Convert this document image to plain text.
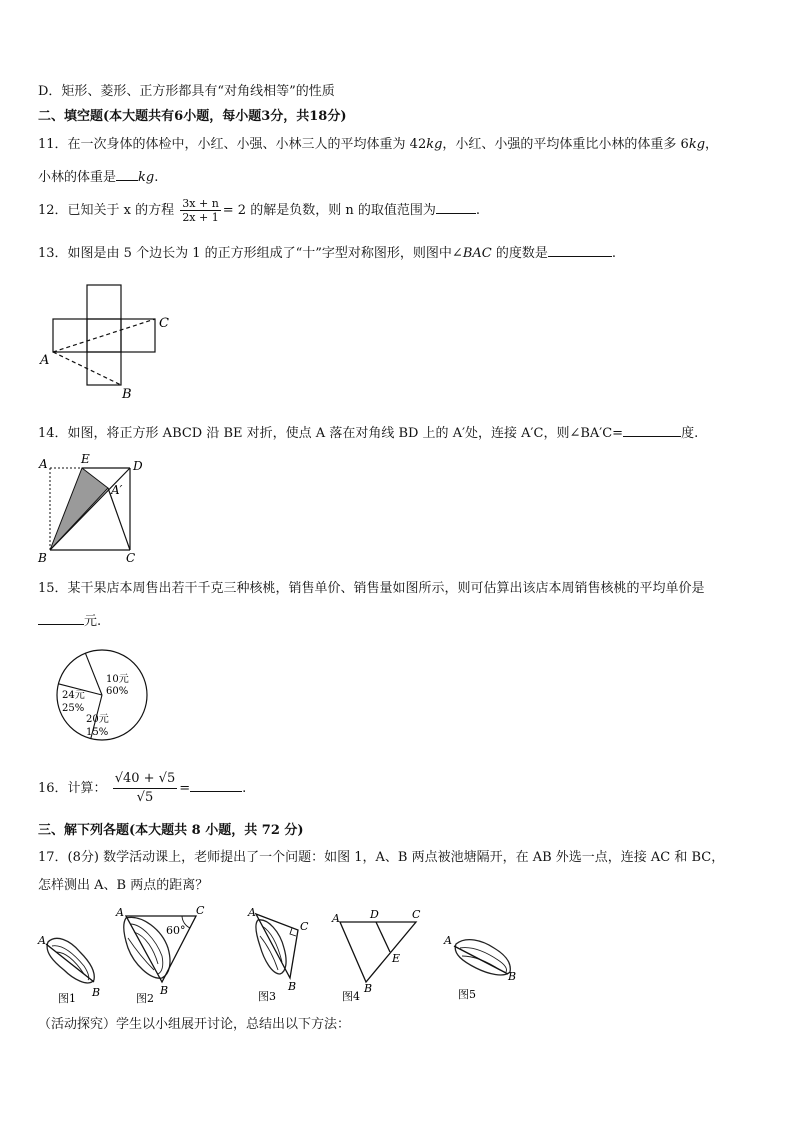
D．矩形、菱形、正方形都具有“对角线相等”的性质
二、填空题(本大题共有6小题，每小题3分，共18分)
11．在一次身体的体检中，小红、小强、小林三人的平均体重为 42kg，小红、小强的平均体重比小林的体重多 6kg，
小林的体重是 kg.
12．已知关于 x 的方程 $\frac{3x + n}{2x + 1} = 2$ 的解是负数，则 n 的取值范围为	.
13．如图是由 5 个边长为 1 的正方形组成了“十”字型对称图形，则图中∠BAC 的度数是	.
A
B
C
14．如图，将正方形 ABCD 沿 BE 对折，使点 A 落在对角线 BD 上的 A′处，连接 A′C，则∠BA′C=	度.
A	E	D
A′
B	C
15．某干果店本周售出若干千克三种核桃，销售单价、销售量如图所示，则可估算出该店本周销售核桃的平均单价是
元.
10元
60%
24元
25%
20元
15%
16．计算： $\frac{√40 + √5}{√5}$ =	.
三、解下列各题(本大题共 8 小题，共 72 分)
17．(8分) 数学活动课上，老师提出了一个问题：如图 1，A、B 两点被池塘隔开，在 AB 外选一点，连接 AC 和 BC，
怎样测出 A、B 两点的距离？
A
B
图1
A	C
B
60°
图2
A
C
B
图3
A	D	C
E
B
图4
A
B
图5
（活动探究）学生以小组展开讨论，总结出以下方法：
